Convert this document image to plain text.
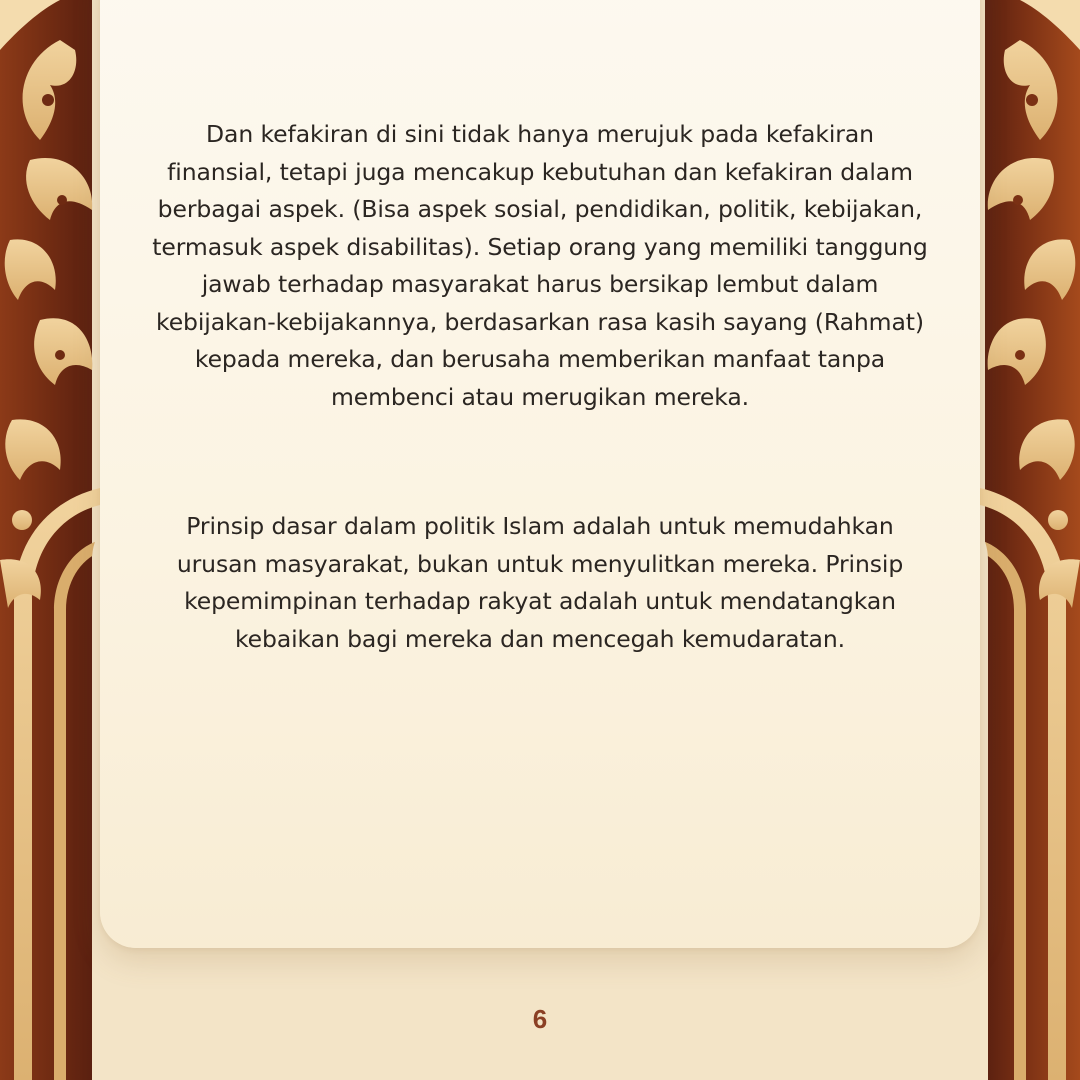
Dan kefakiran di sini tidak hanya merujuk pada kefakiran finansial, tetapi juga mencakup kebutuhan dan kefakiran dalam berbagai aspek. (Bisa aspek sosial, pendidikan, politik, kebijakan, termasuk aspek disabilitas). Setiap orang yang memiliki tanggung jawab terhadap masyarakat harus bersikap lembut dalam kebijakan-kebijakannya, berdasarkan rasa kasih sayang (Rahmat) kepada mereka, dan berusaha memberikan manfaat tanpa membenci atau merugikan mereka.

Prinsip dasar dalam politik Islam adalah untuk memudahkan urusan masyarakat, bukan untuk menyulitkan mereka. Prinsip kepemimpinan terhadap rakyat adalah untuk mendatangkan kebaikan bagi mereka dan mencegah kemudaratan.

6
